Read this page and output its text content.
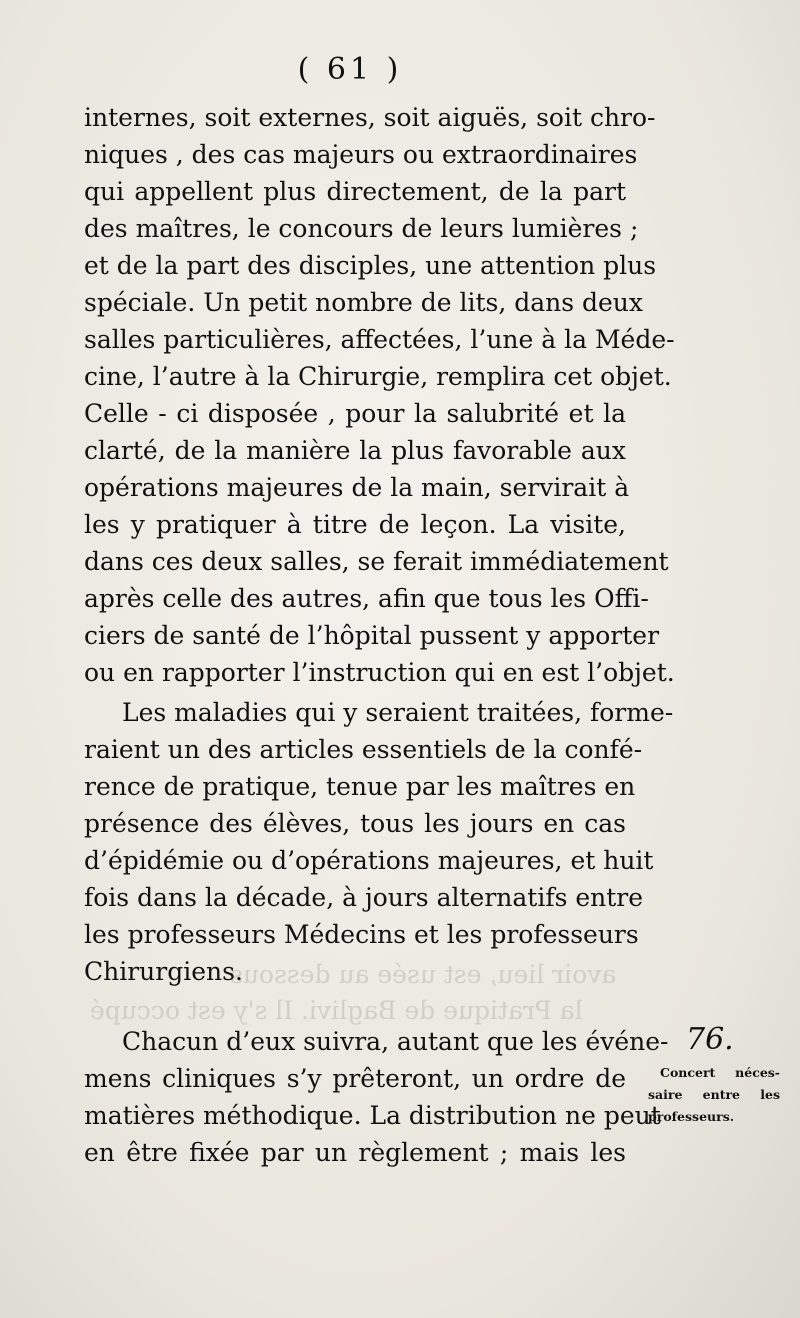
avoir lieu, est usée au dessous
la Pratique de Baglivi. Il s'y est occupé
( 61 )
internes, soit externes, soit aiguës, soit chro-
niques , des cas majeurs ou extraordinaires
qui appellent plus directement, de la part
des maîtres, le concours de leurs lumières ;
et de la part des disciples, une attention plus
spéciale. Un petit nombre de lits, dans deux
salles particulières, affectées, l’une à la Méde-
cine, l’autre à la Chirurgie, remplira cet objet.
Celle - ci disposée , pour la salubrité et la
clarté, de la manière la plus favorable aux
opérations majeures de la main, servirait à
les y pratiquer à titre de leçon. La visite,
dans ces deux salles, se ferait immédiatement
après celle des autres, afin que tous les Offi-
ciers de santé de l’hôpital pussent y apporter
ou en rapporter l’instruction qui en est l’objet.
Les maladies qui y seraient traitées, forme-
raient un des articles essentiels de la confé-
rence de pratique, tenue par les maîtres en
présence des élèves, tous les jours en cas
d’épidémie ou d’opérations majeures, et huit
fois dans la décade, à jours alternatifs entre
les professeurs Médecins et les professeurs
Chirurgiens.
Chacun d’eux suivra, autant que les événe-
mens cliniques s’y prêteront, un ordre de
matières méthodique. La distribution ne peut
en être fixée par un règlement ; mais les
76.
Concert néces-
saire entre les
professeurs.
